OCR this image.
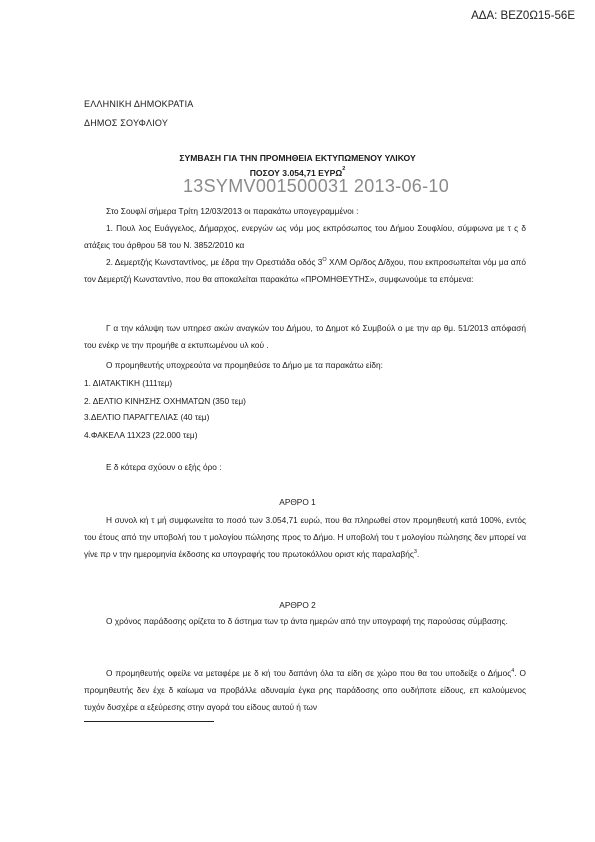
ΑΔΑ: ΒΕΖ0Ω15-56Ε
ΕΛΛΗΝΙΚΗ ΔΗΜΟΚΡΑΤΙΑ
ΔΗΜΟΣ ΣΟΥΦΛΙΟΥ
ΣΥΜΒΑΣΗ ΓΙΑ ΤΗΝ ΠΡΟΜΗΘΕΙΑ ΕΚΤΥΠΩΜΕΝΟΥ ΥΛΙΚΟΥ
ΠΟΣΟΥ 3.054,71 ΕΥΡΩ$^2$
13SYMV001500031 2013-06-10
Στο Σουφλί σήμερα Τρίτη 12/03/2013 οι παρακάτω υπογεγραμμένοι :
1. Πουλ λος Ευάγγελος, Δήμαρχος, ενεργών ως νόμ μος εκπρόσωπος του Δήμου Σουφλίου, σύμφωνα με τ ς δ ατάξεις του άρθρου 58 του Ν. 3852/2010 κα
2. Δεμερτζής Κωνσταντίνος, με έδρα την Ορεστιάδα οδός $3^O$ ΧΛΜ Ορ/δος Δ/δχου, που εκπροσωπείται νόμ μα από τον Δεμερτζή Κωνσταντίνο, που θα αποκαλείται παρακάτω «ΠΡΟΜΗΘΕΥΤΗΣ», συμφωνούμε τα επόμενα:
Γ α την κάλυψη των υπηρεσ ακών αναγκών του Δήμου, το Δημοτ κό Συμβούλ ο με την αρ θμ. 51/2013 απόφασή του ενέκρ νε την προμήθε α εκτυπωμένου υλ κού .
Ο προμηθευτής υποχρεούτα να προμηθεύσε το Δήμο με τα παρακάτω είδη:
1. ΔΙΑΤΑΚΤΙΚΗ (111τεμ)
2. ΔΕΛΤΙΟ ΚΙΝΗΣΗΣ ΟΧΗΜΑΤΩΝ (350 τεμ)
3.ΔΕΛΤΙΟ ΠΑΡΑΓΓΕΛΙΑΣ (40 τεμ)
4.ΦΑΚΕΛΑ 11Χ23 (22.000 τεμ)
Ε δ κότερα σχύουν ο εξής όρο :
ΑΡΘΡΟ 1
Η συνολ κή τ μή συμφωνείτα το ποσό των 3.054,71 ευρώ, που θα πληρωθεί στον προμηθευτή κατά 100%, εντός του έτους από την υποβολή του τ μολογίου πώλησης προς το Δήμο. Η υποβολή του τ μολογίου πώλησης δεν μπορεί να γίνε πρ ν την ημερομηνία έκδοσης κα υπογραφής του πρωτοκόλλου οριστ κής παραλαβής$^3$.
ΑΡΘΡΟ 2
Ο χρόνος παράδοσης ορίζετα το δ άστημα των τρ άντα ημερών από την υπογραφή της παρούσας σύμβασης.
Ο προμηθευτής οφείλε να μεταφέρε με δ κή του δαπάνη όλα τα είδη σε χώρο που θα του υποδείξε ο Δήμος$^4$. Ο προμηθευτής δεν έχε δ καίωμα να προβάλλε αδυναμία έγκα ρης παράδοσης οπο ουδήποτε είδους, επ καλούμενος τυχόν δυσχέρε α εξεύρεσης στην αγορά του είδους αυτού ή των
